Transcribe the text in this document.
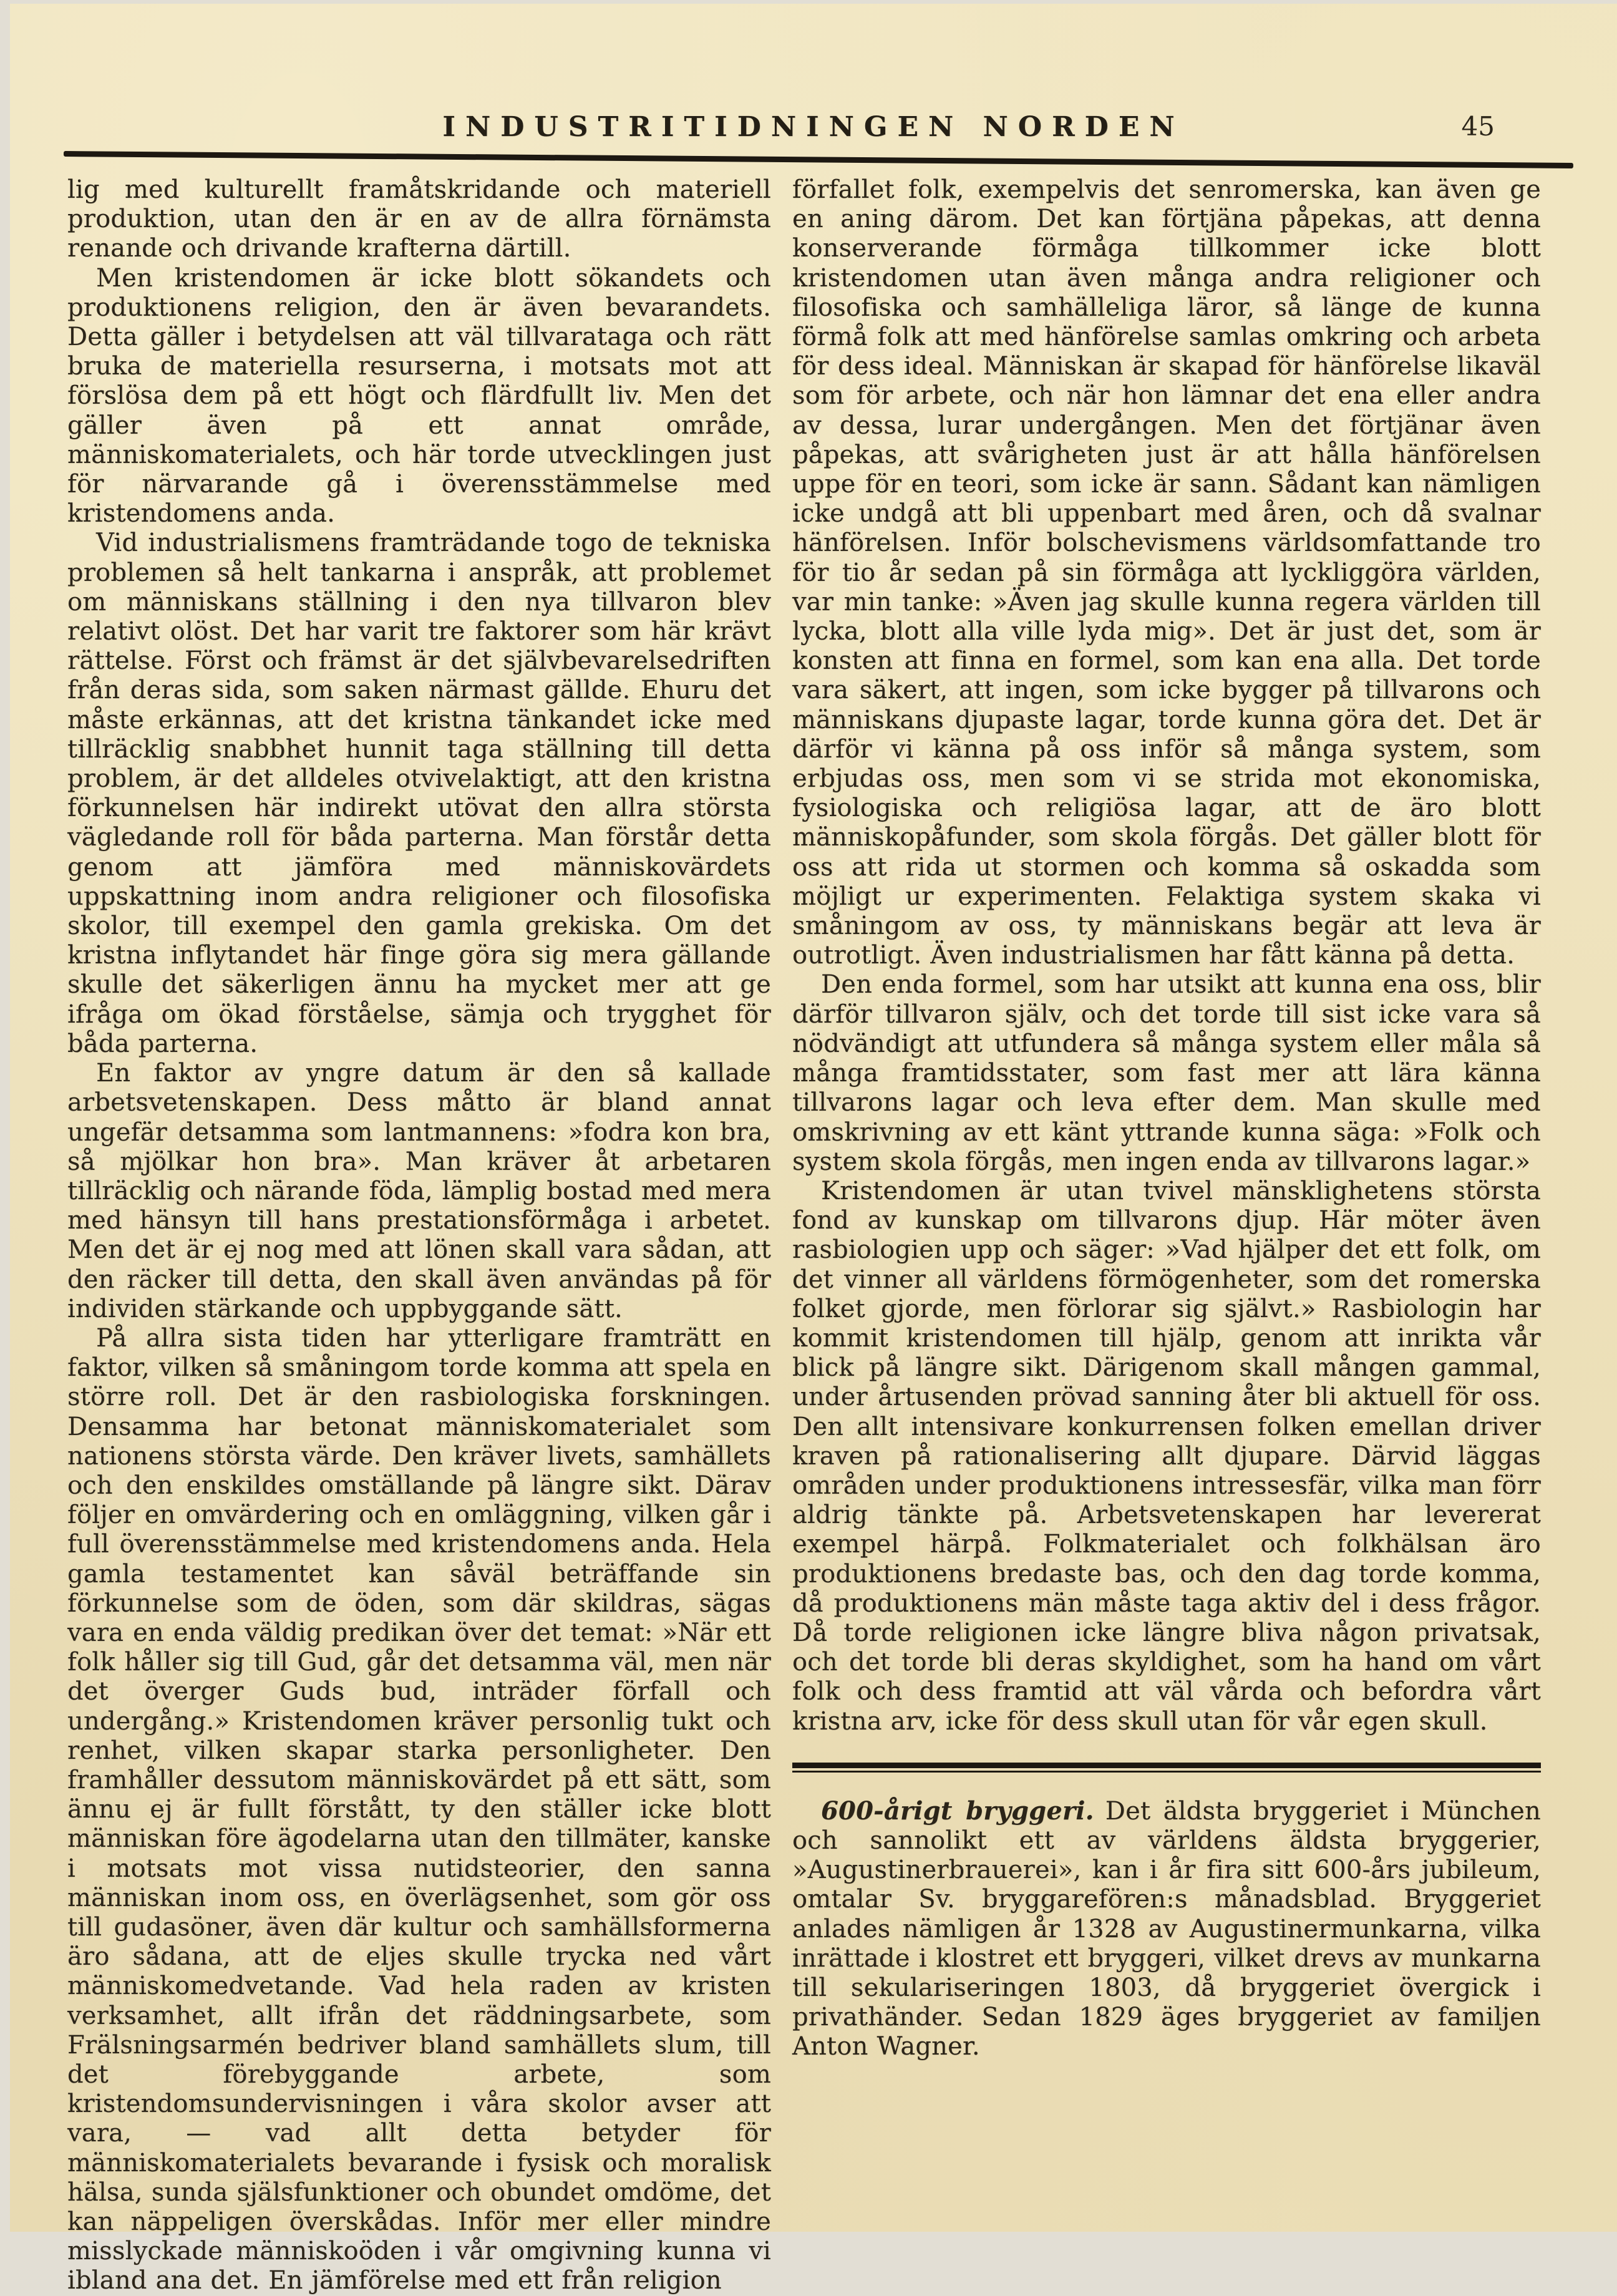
INDUSTRITIDNINGEN NORDEN	45

lig med kulturellt framåtskridande och materiell produktion, utan den är en av de allra förnämsta renande och drivande krafterna därtill.

Men kristendomen är icke blott sökandets och produktionens religion, den är även bevarandets. Detta gäller i betydelsen att väl tillvarataga och rätt bruka de materiella resurserna, i motsats mot att förslösa dem på ett högt och flärdfullt liv. Men det gäller även på ett annat område, människomaterialets, och här torde utvecklingen just för närvarande gå i överensstämmelse med kristendomens anda.

Vid industrialismens framträdande togo de tekniska problemen så helt tankarna i anspråk, att problemet om människans ställning i den nya tillvaron blev relativt olöst. Det har varit tre faktorer som här krävt rättelse. Först och främst är det självbevarelsedriften från deras sida, som saken närmast gällde. Ehuru det måste erkännas, att det kristna tänkandet icke med tillräcklig snabbhet hunnit taga ställning till detta problem, är det alldeles otvivelaktigt, att den kristna förkunnelsen här indirekt utövat den allra största vägledande roll för båda parterna. Man förstår detta genom att jämföra med människovärdets uppskattning inom andra religioner och filosofiska skolor, till exempel den gamla grekiska. Om det kristna inflytandet här finge göra sig mera gällande skulle det säkerligen ännu ha mycket mer att ge ifråga om ökad förståelse, sämja och trygghet för båda parterna.

En faktor av yngre datum är den så kallade arbetsvetenskapen. Dess måtto är bland annat ungefär detsamma som lantmannens: »fodra kon bra, så mjölkar hon bra». Man kräver åt arbetaren tillräcklig och närande föda, lämplig bostad med mera med hänsyn till hans prestationsförmåga i arbetet. Men det är ej nog med att lönen skall vara sådan, att den räcker till detta, den skall även användas på för individen stärkande och uppbyggande sätt.

På allra sista tiden har ytterligare framträtt en faktor, vilken så småningom torde komma att spela en större roll. Det är den rasbiologiska forskningen. Densamma har betonat människomaterialet som nationens största värde. Den kräver livets, samhällets och den enskildes omställande på längre sikt. Därav följer en omvärdering och en omläggning, vilken går i full överensstämmelse med kristendomens anda. Hela gamla testamentet kan såväl beträffande sin förkunnelse som de öden, som där skildras, sägas vara en enda väldig predikan över det temat: »När ett folk håller sig till Gud, går det detsamma väl, men när det överger Guds bud, inträder förfall och undergång.» Kristendomen kräver personlig tukt och renhet, vilken skapar starka personligheter. Den framhåller dessutom människovärdet på ett sätt, som ännu ej är fullt förstått, ty den ställer icke blott människan före ägodelarna utan den tillmäter, kanske i motsats mot vissa nutidsteorier, den sanna människan inom oss, en överlägsenhet, som gör oss till gudasöner, även där kultur och samhällsformerna äro sådana, att de eljes skulle trycka ned vårt människomedvetande. Vad hela raden av kristen verksamhet, allt ifrån det räddningsarbete, som Frälsningsarmén bedriver bland samhällets slum, till det förebyggande arbete, som kristendomsundervisningen i våra skolor avser att vara, — vad allt detta betyder för människomaterialets bevarande i fysisk och moralisk hälsa, sunda själsfunktioner och obundet omdöme, det kan näppeligen överskådas. Inför mer eller mindre misslyckade människoöden i vår omgivning kunna vi ibland ana det. En jämförelse med ett från religion

förfallet folk, exempelvis det senromerska, kan även ge en aning därom. Det kan förtjäna påpekas, att denna konserverande förmåga tillkommer icke blott kristendomen utan även många andra religioner och filosofiska och samhälleliga läror, så länge de kunna förmå folk att med hänförelse samlas omkring och arbeta för dess ideal. Människan är skapad för hänförelse likaväl som för arbete, och när hon lämnar det ena eller andra av dessa, lurar undergången. Men det förtjänar även påpekas, att svårigheten just är att hålla hänförelsen uppe för en teori, som icke är sann. Sådant kan nämligen icke undgå att bli uppenbart med åren, och då svalnar hänförelsen. Inför bolschevismens världsomfattande tro för tio år sedan på sin förmåga att lyckliggöra världen, var min tanke: »Även jag skulle kunna regera världen till lycka, blott alla ville lyda mig». Det är just det, som är konsten att finna en formel, som kan ena alla. Det torde vara säkert, att ingen, som icke bygger på tillvarons och människans djupaste lagar, torde kunna göra det. Det är därför vi känna på oss inför så många system, som erbjudas oss, men som vi se strida mot ekonomiska, fysiologiska och religiösa lagar, att de äro blott människopåfunder, som skola förgås. Det gäller blott för oss att rida ut stormen och komma så oskadda som möjligt ur experimenten. Felaktiga system skaka vi småningom av oss, ty människans begär att leva är outrotligt. Även industrialismen har fått känna på detta.

Den enda formel, som har utsikt att kunna ena oss, blir därför tillvaron själv, och det torde till sist icke vara så nödvändigt att utfundera så många system eller måla så många framtidsstater, som fast mer att lära känna tillvarons lagar och leva efter dem. Man skulle med omskrivning av ett känt yttrande kunna säga: »Folk och system skola förgås, men ingen enda av tillvarons lagar.»

Kristendomen är utan tvivel mänsklighetens största fond av kunskap om tillvarons djup. Här möter även rasbiologien upp och säger: »Vad hjälper det ett folk, om det vinner all världens förmögenheter, som det romerska folket gjorde, men förlorar sig självt.» Rasbiologin har kommit kristendomen till hjälp, genom att inrikta vår blick på längre sikt. Därigenom skall mången gammal, under årtusenden prövad sanning åter bli aktuell för oss. Den allt intensivare konkurrensen folken emellan driver kraven på rationalisering allt djupare. Därvid läggas områden under produktionens intressesfär, vilka man förr aldrig tänkte på. Arbetsvetenskapen har levererat exempel härpå. Folkmaterialet och folkhälsan äro produktionens bredaste bas, och den dag torde komma, då produktionens män måste taga aktiv del i dess frågor. Då torde religionen icke längre bliva någon privatsak, och det torde bli deras skyldighet, som ha hand om vårt folk och dess framtid att väl vårda och befordra vårt kristna arv, icke för dess skull utan för vår egen skull.

600-årigt bryggeri. Det äldsta bryggeriet i München och sannolikt ett av världens äldsta bryggerier, »Augustinerbrauerei», kan i år fira sitt 600-års jubileum, omtalar Sv. bryggarefören:s månadsblad. Bryggeriet anlades nämligen år 1328 av Augustinermunkarna, vilka inrättade i klostret ett bryggeri, vilket drevs av munkarna till sekulariseringen 1803, då bryggeriet övergick i privathänder. Sedan 1829 äges bryggeriet av familjen Anton Wagner.
